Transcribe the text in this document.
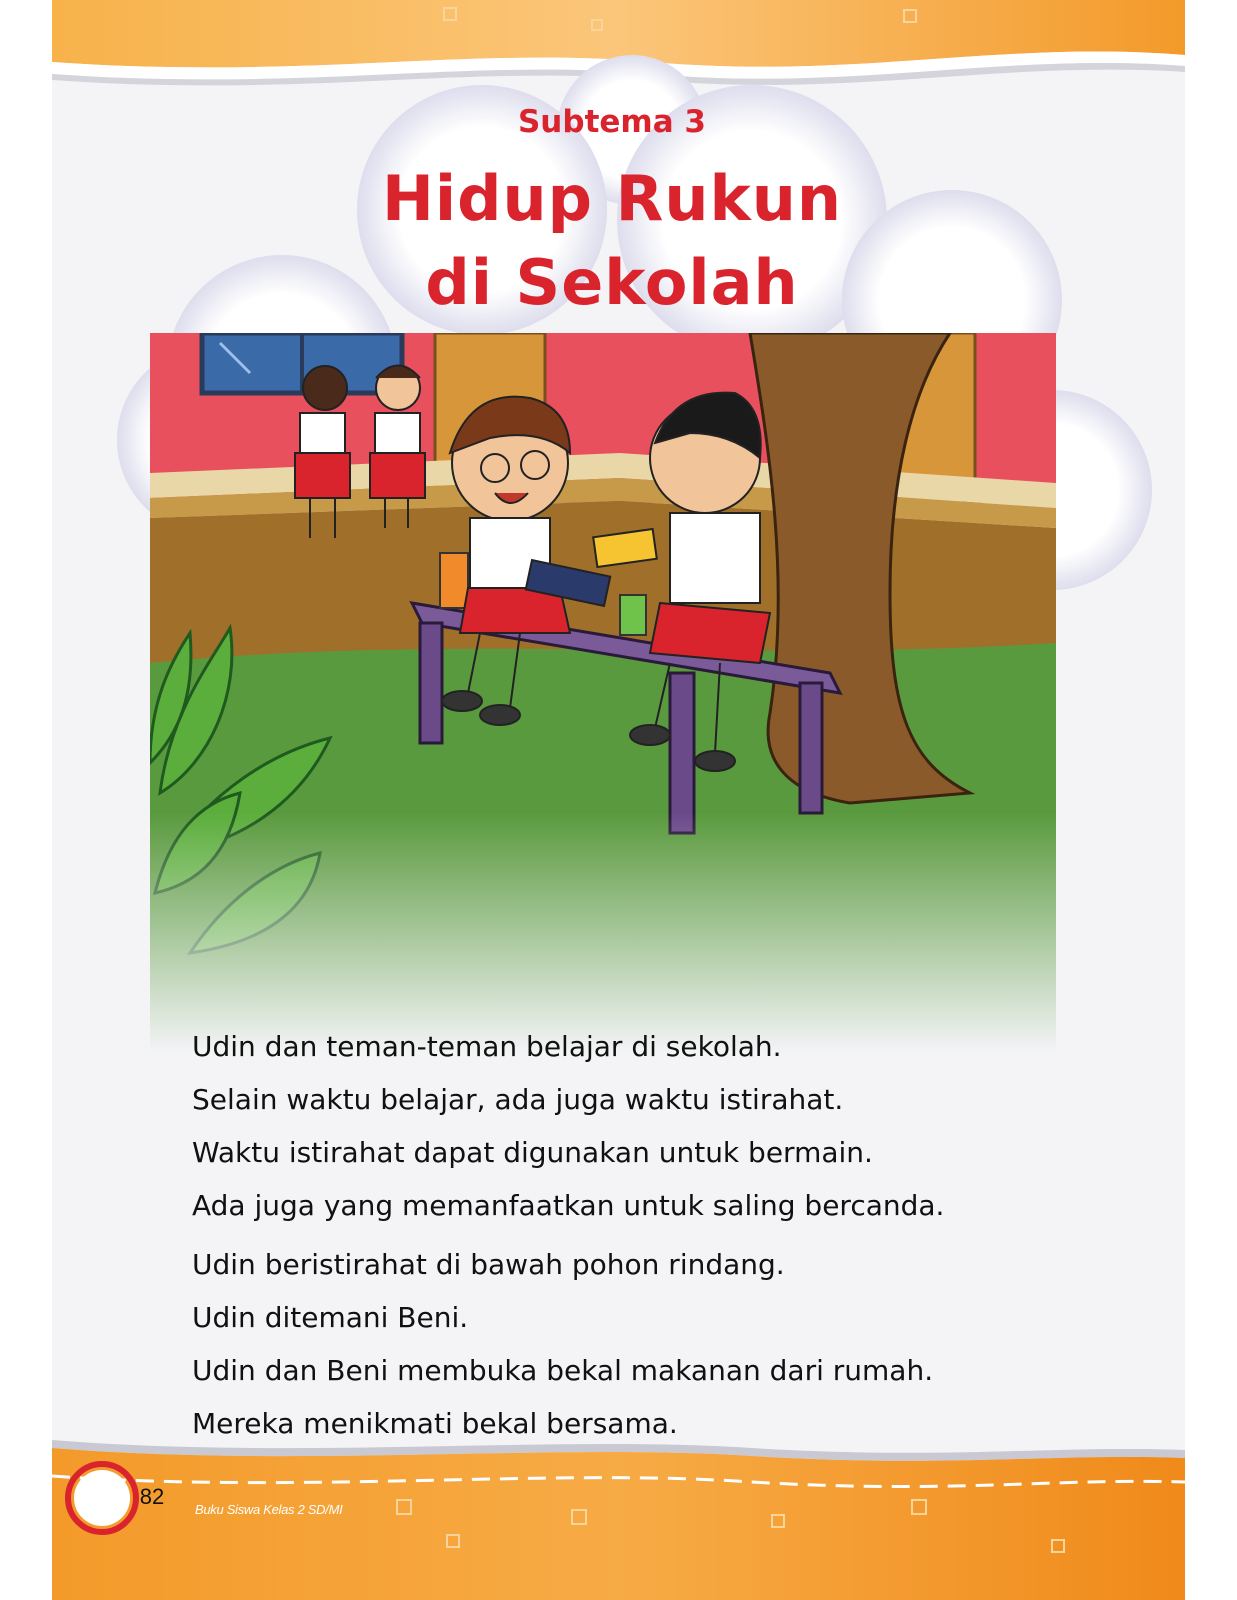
Subtema 3
Hidup Rukun
di Sekolah

Udin dan teman-teman belajar di sekolah.

Selain waktu belajar, ada juga waktu istirahat.

Waktu istirahat dapat digunakan untuk bermain.

Ada juga yang memanfaatkan untuk saling bercanda.

Udin beristirahat di bawah pohon rindang.

Udin ditemani Beni.

Udin dan Beni membuka bekal makanan dari rumah.

Mereka menikmati bekal bersama.

82
Buku Siswa Kelas 2 SD/MI
